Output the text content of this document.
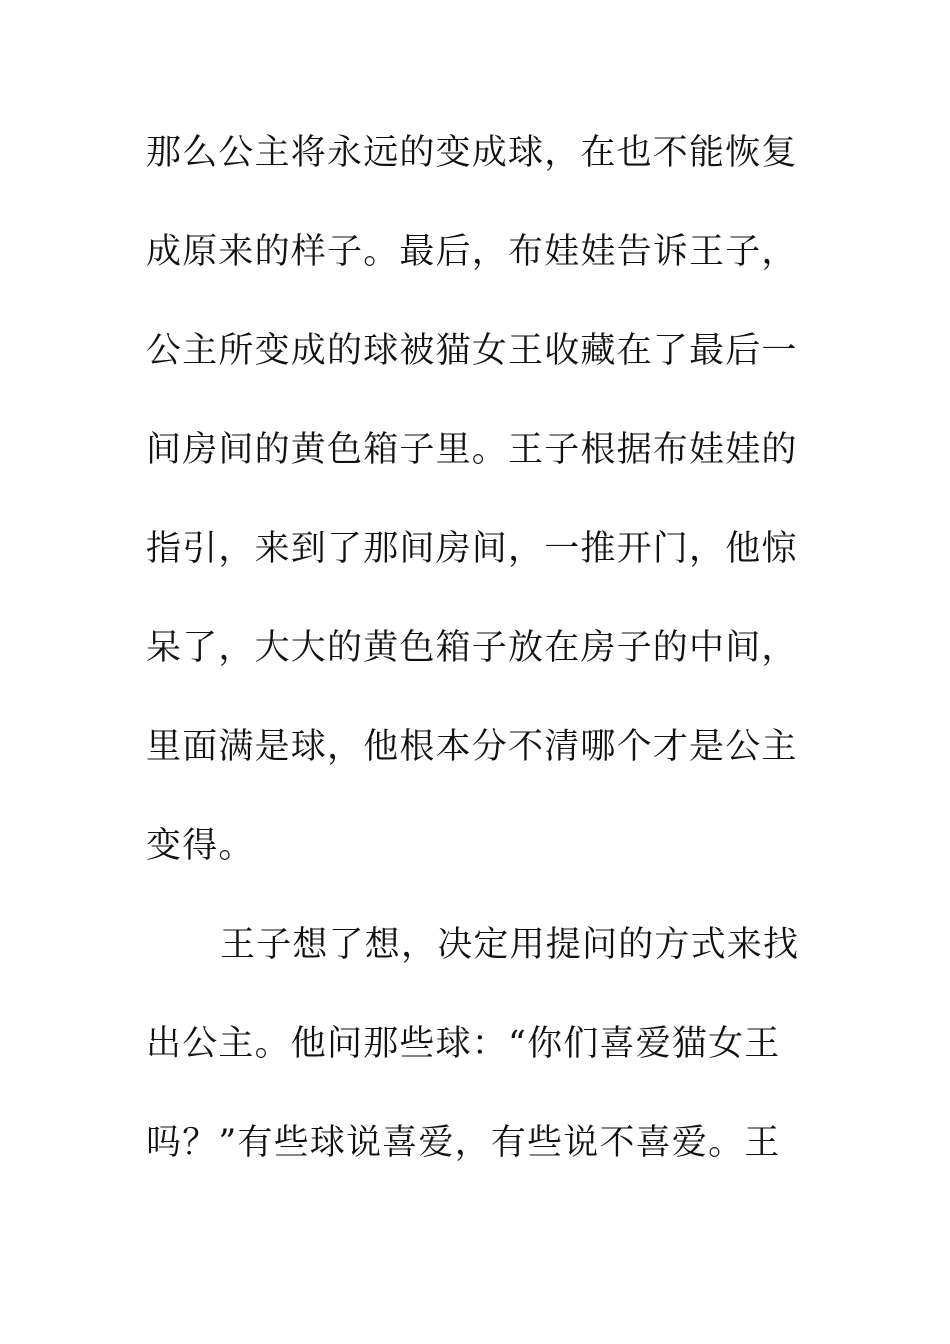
那么公主将永远的变成球，在也不能恢复
成原来的样子。最后，布娃娃告诉王子，
公主所变成的球被猫女王收藏在了最后一
间房间的黄色箱子里。王子根据布娃娃的
指引，来到了那间房间，一推开门，他惊
呆了，大大的黄色箱子放在房子的中间，
里面满是球，他根本分不清哪个才是公主
变得。
王子想了想，决定用提问的方式来找
出公主。他问那些球：“你们喜爱猫女王
吗？”有些球说喜爱，有些说不喜爱。王
